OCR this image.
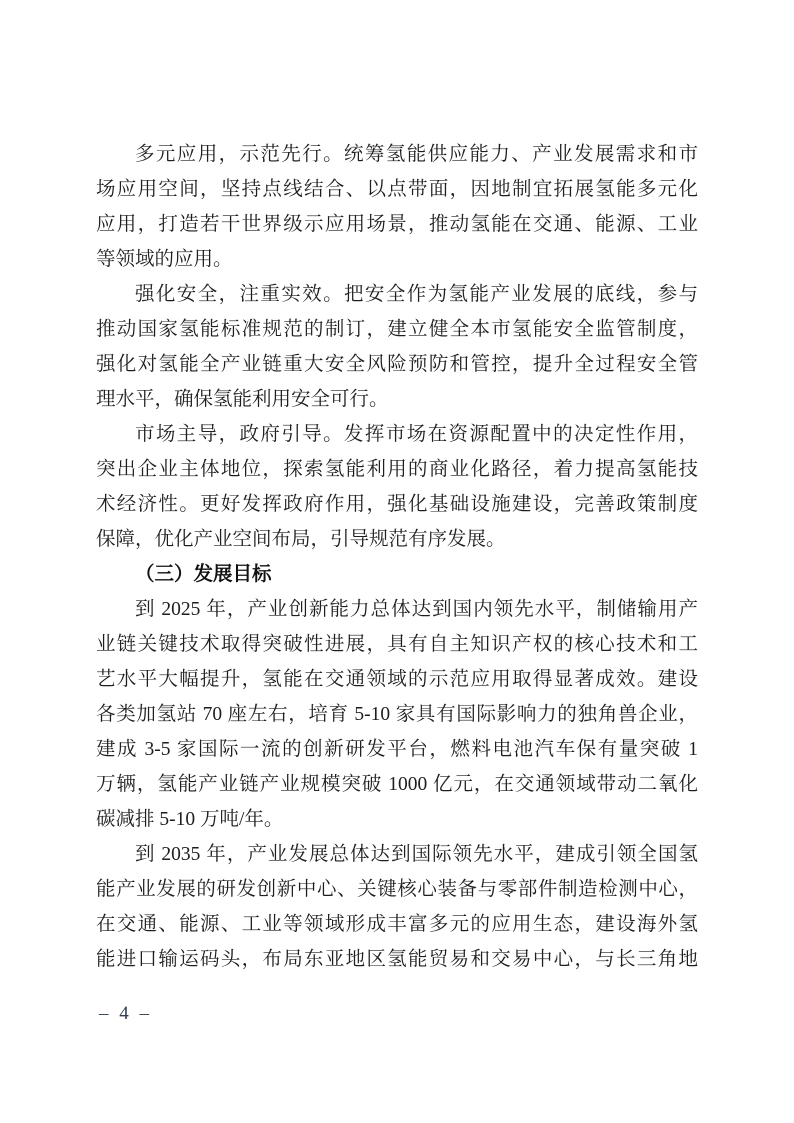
多元应用，示范先行。统筹氢能供应能力、产业发展需求和市
场应用空间，坚持点线结合、以点带面，因地制宜拓展氢能多元化
应用，打造若干世界级示应用场景，推动氢能在交通、能源、工业
等领域的应用。
强化安全，注重实效。把安全作为氢能产业发展的底线，参与
推动国家氢能标准规范的制订，建立健全本市氢能安全监管制度，
强化对氢能全产业链重大安全风险预防和管控，提升全过程安全管
理水平，确保氢能利用安全可行。
市场主导，政府引导。发挥市场在资源配置中的决定性作用，
突出企业主体地位，探索氢能利用的商业化路径，着力提高氢能技
术经济性。更好发挥政府作用，强化基础设施建设，完善政策制度
保障，优化产业空间布局，引导规范有序发展。
（三）发展目标
到 2025 年，产业创新能力总体达到国内领先水平，制储输用产
业链关键技术取得突破性进展，具有自主知识产权的核心技术和工
艺水平大幅提升，氢能在交通领域的示范应用取得显著成效。建设
各类加氢站 70 座左右，培育 5-10 家具有国际影响力的独角兽企业，
建成 3-5 家国际一流的创新研发平台，燃料电池汽车保有量突破 1
万辆，氢能产业链产业规模突破 1000 亿元，在交通领域带动二氧化
碳减排 5-10 万吨/年。
到 2035 年，产业发展总体达到国际领先水平，建成引领全国氢
能产业发展的研发创新中心、关键核心装备与零部件制造检测中心，
在交通、能源、工业等领域形成丰富多元的应用生态，建设海外氢
能进口输运码头，布局东亚地区氢能贸易和交易中心，与长三角地
– 4 –
